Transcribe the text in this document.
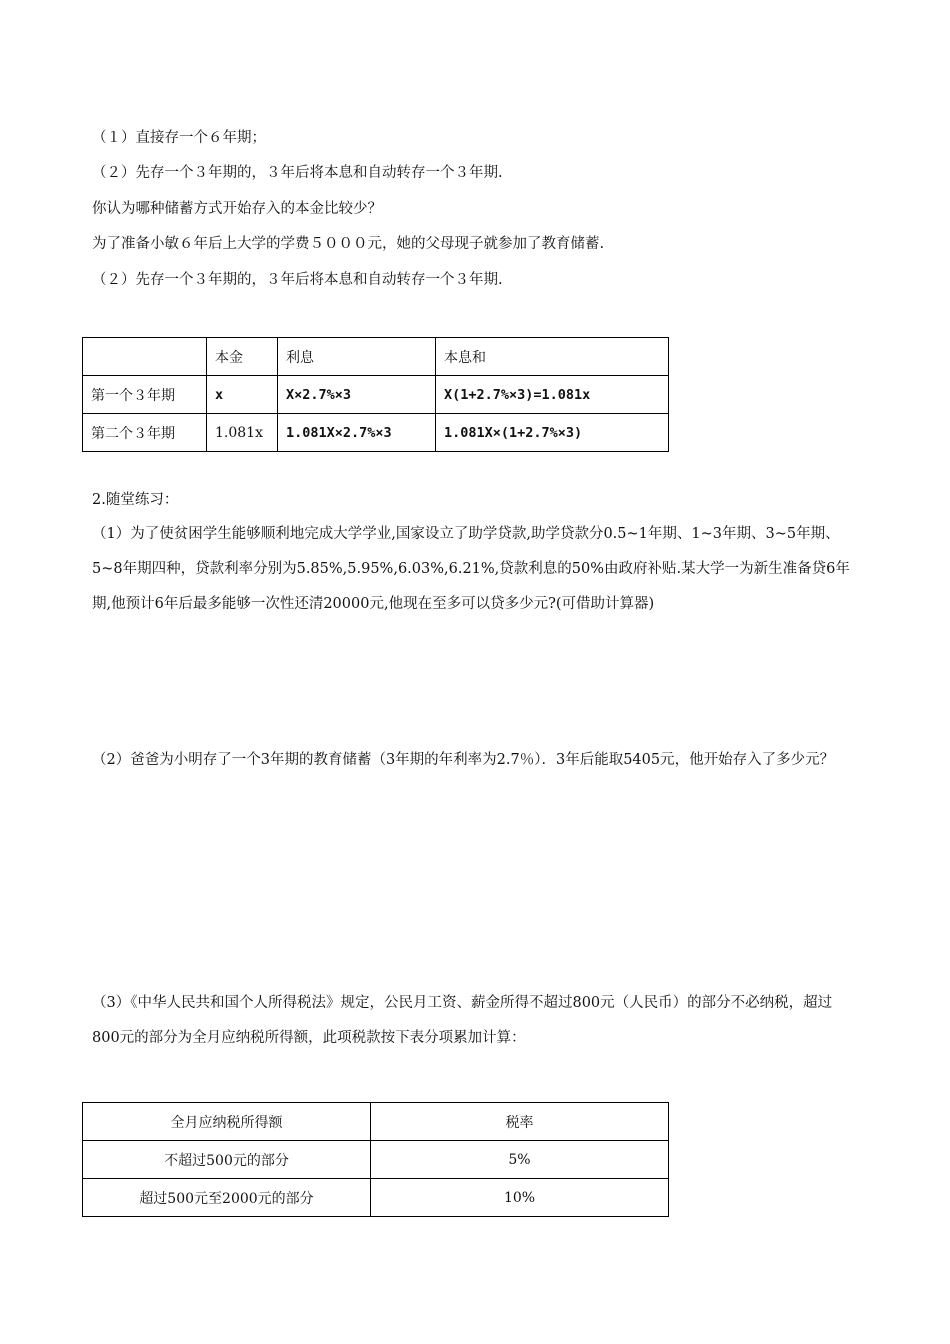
（１）直接存一个６年期；
（２）先存一个３年期的，３年后将本息和自动转存一个３年期.
你认为哪种储蓄方式开始存入的本金比较少？
为了准备小敏６年后上大学的学费５０００元，她的父母现子就参加了教育储蓄.
（２）先存一个３年期的，３年后将本息和自动转存一个３年期.
	本金	利息	本息和
第一个３年期	x	X×2.7%×3	X(1+2.7%×3)=1.081x
第二个３年期	1.081x	1.081X×2.7%×3	1.081X×(1+2.7%×3)
2.随堂练习：
（1）为了使贫困学生能够顺利地完成大学学业,国家设立了助学贷款,助学贷款分0.5~1年期、1~3年期、3~5年期、5~8年期四种，贷款利率分别为5.85%,5.95%,6.03%,6.21%,贷款利息的50%由政府补贴.某大学一为新生准备贷6年期,他预计6年后最多能够一次性还清20000元,他现在至多可以贷多少元?(可借助计算器)
（2）爸爸为小明存了一个3年期的教育储蓄（3年期的年利率为2.7％）．3年后能取5405元，他开始存入了多少元？
（3）《中华人民共和国个人所得税法》规定，公民月工资、薪金所得不超过800元（人民币）的部分不必纳税，超过800元的部分为全月应纳税所得额，此项税款按下表分项累加计算：
全月应纳税所得额	税率
不超过500元的部分	5%
超过500元至2000元的部分	10%
